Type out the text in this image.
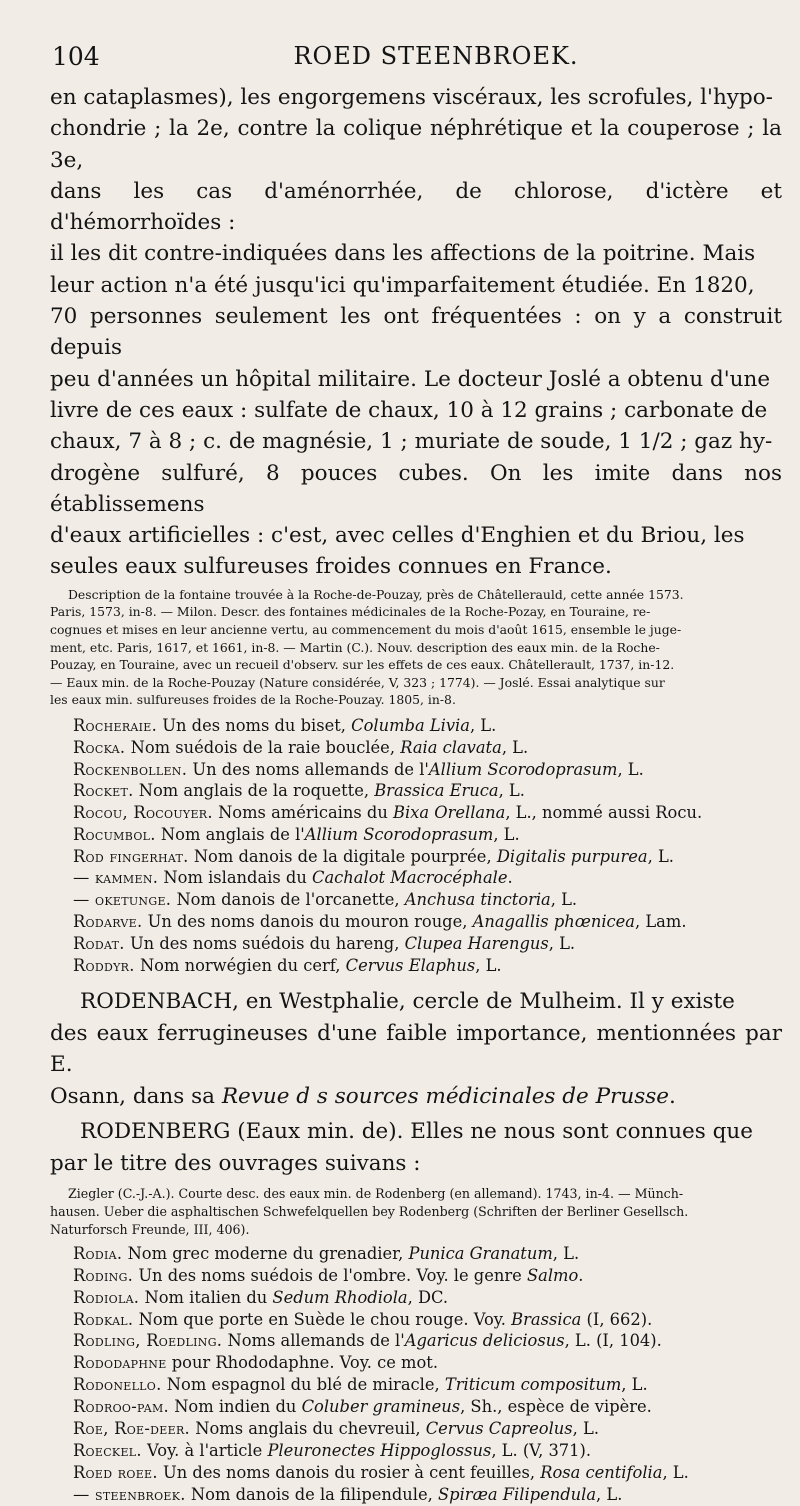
104	ROED STEENBROEK.

en cataplasmes), les engorgemens viscéraux, les scrofules, l'hypo-

chondrie ; la 2e, contre la colique néphrétique et la couperose ; la 3e,

dans les cas d'aménorrhée, de chlorose, d'ictère et d'hémorrhoïdes :

il les dit contre-indiquées dans les affections de la poitrine. Mais

leur action n'a été jusqu'ici qu'imparfaitement étudiée. En 1820,

70 personnes seulement les ont fréquentées : on y a construit depuis

peu d'années un hôpital militaire. Le docteur Joslé a obtenu d'une

livre de ces eaux : sulfate de chaux, 10 à 12 grains ; carbonate de

chaux, 7 à 8 ; c. de magnésie, 1 ; muriate de soude, 1 1/2 ; gaz hy-

drogène sulfuré, 8 pouces cubes. On les imite dans nos établissemens

d'eaux artificielles : c'est, avec celles d'Enghien et du Briou, les

seules eaux sulfureuses froides connues en France.

Description de la fontaine trouvée à la Roche-de-Pouzay, près de Châtellerauld, cette année 1573.

Paris, 1573, in-8. — Milon. Descr. des fontaines médicinales de la Roche-Pozay, en Touraine, re-

cognues et mises en leur ancienne vertu, au commencement du mois d'août 1615, ensemble le juge-

ment, etc. Paris, 1617, et 1661, in-8. — Martin (C.). Nouv. description des eaux min. de la Roche-

Pouzay, en Touraine, avec un recueil d'observ. sur les effets de ces eaux. Châtellerault, 1737, in-12.

— Eaux min. de la Roche-Pouzay (Nature considérée, V, 323 ; 1774). — Joslé. Essai analytique sur

les eaux min. sulfureuses froides de la Roche-Pouzay. 1805, in-8.

Rocheraie. Un des noms du biset, Columba Livia, L.

Rocka. Nom suédois de la raie bouclée, Raia clavata, L.

Rockenbollen. Un des noms allemands de l'Allium Scorodoprasum, L.

Rocket. Nom anglais de la roquette, Brassica Eruca, L.

Rocou, Rocouyer. Noms américains du Bixa Orellana, L., nommé aussi Rocu.

Rocumbol. Nom anglais de l'Allium Scorodoprasum, L.

Rod fingerhat. Nom danois de la digitale pourprée, Digitalis purpurea, L.

— kammen. Nom islandais du Cachalot Macrocéphale.

— oketunge. Nom danois de l'orcanette, Anchusa tinctoria, L.

Rodarve. Un des noms danois du mouron rouge, Anagallis phœnicea, Lam.

Rodat. Un des noms suédois du hareng, Clupea Harengus, L.

Roddyr. Nom norwégien du cerf, Cervus Elaphus, L.

RODENBACH, en Westphalie, cercle de Mulheim. Il y existe

des eaux ferrugineuses d'une faible importance, mentionnées par E.

Osann, dans sa Revue d s sources médicinales de Prusse.

RODENBERG (Eaux min. de). Elles ne nous sont connues que

par le titre des ouvrages suivans :

Ziegler (C.-J.-A.). Courte desc. des eaux min. de Rodenberg (en allemand). 1743, in-4. — Münch-

hausen. Ueber die asphaltischen Schwefelquellen bey Rodenberg (Schriften der Berliner Gesellsch.

Naturforsch Freunde, III, 406).

Rodia. Nom grec moderne du grenadier, Punica Granatum, L.

Roding. Un des noms suédois de l'ombre. Voy. le genre Salmo.

Rodiola. Nom italien du Sedum Rhodiola, DC.

Rodkal. Nom que porte en Suède le chou rouge. Voy. Brassica (I, 662).

Rodling, Roedling. Noms allemands de l'Agaricus deliciosus, L. (I, 104).

Rododaphne pour Rhododaphne. Voy. ce mot.

Rodonello. Nom espagnol du blé de miracle, Triticum compositum, L.

Rodroo-pam. Nom indien du Coluber gramineus, Sh., espèce de vipère.

Roe, Roe-deer. Noms anglais du chevreuil, Cervus Capreolus, L.

Roeckel. Voy. à l'article Pleuronectes Hippoglossus, L. (V, 371).

Roed roee. Un des noms danois du rosier à cent feuilles, Rosa centifolia, L.

— steenbroek. Nom danois de la filipendule, Spiræa Filipendula, L.
